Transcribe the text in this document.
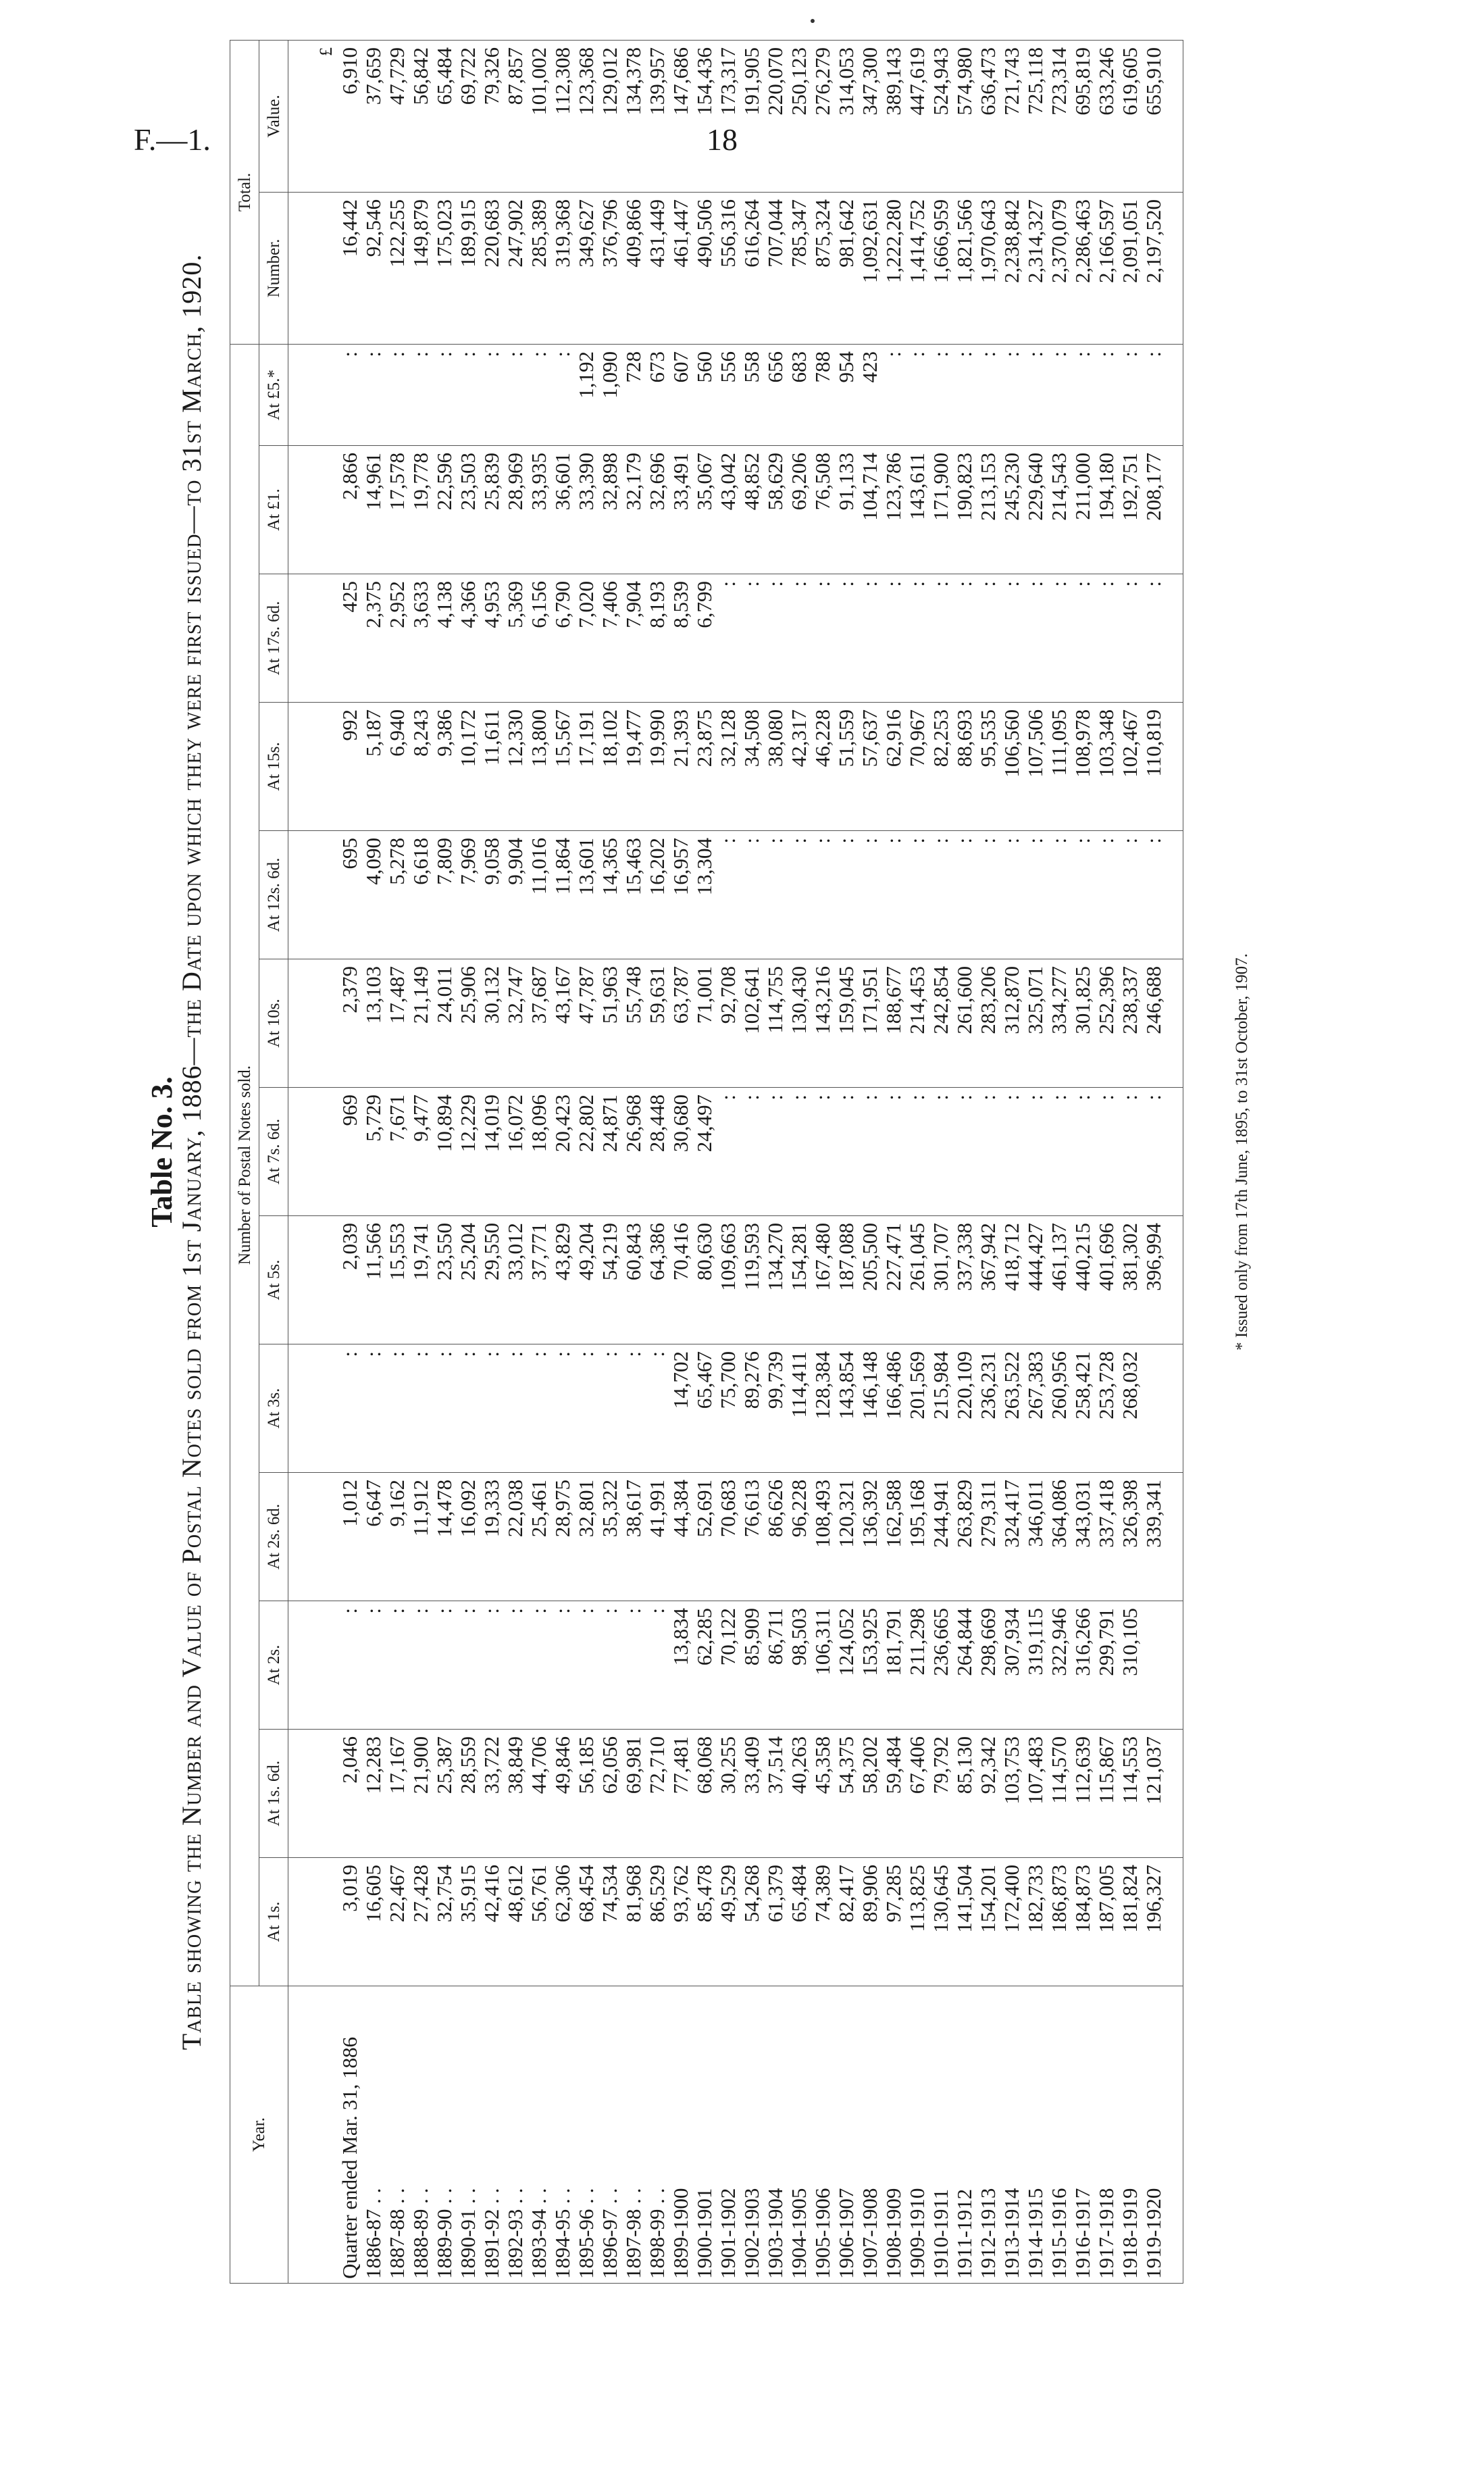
F.—1.	18
Table No. 3.
Table showing the Number and Value of Postal Notes sold from 1st January, 1886—the Date upon which they were first issued—to 31st March, 1920.
Year.	Number of Postal Notes sold.													Total.	
	At 1s.	At 1s. 6d.	At 2s.	At 2s. 6d.	At 3s.	At 5s.	At 7s. 6d.	At 10s.	At 12s. 6d.	At 15s.	At 17s. 6d.	At £1.	At £5.*	Number.	Value.
															£
Quarter ended Mar. 31, 1886	3,019	2,046	:	1,012	:	2,039	969	2,379	695	992	425	2,866	:	16,442	6,910
1886-87 . .	16,605	12,283	:	6,647	:	11,566	5,729	13,103	4,090	5,187	2,375	14,961	:	92,546	37,659
1887-88 . .	22,467	17,167	:	9,162	:	15,553	7,671	17,487	5,278	6,940	2,952	17,578	:	122,255	47,729
1888-89 . .	27,428	21,900	:	11,912	:	19,741	9,477	21,149	6,618	8,243	3,633	19,778	:	149,879	56,842
1889-90 . .	32,754	25,387	:	14,478	:	23,550	10,894	24,011	7,809	9,386	4,138	22,596	:	175,023	65,484
1890-91 . .	35,915	28,559	:	16,092	:	25,204	12,229	25,906	7,969	10,172	4,366	23,503	:	189,915	69,722
1891-92 . .	42,416	33,722	:	19,333	:	29,550	14,019	30,132	9,058	11,611	4,953	25,839	:	220,683	79,326
1892-93 . .	48,612	38,849	:	22,038	:	33,012	16,072	32,747	9,904	12,330	5,369	28,969	:	247,902	87,857
1893-94 . .	56,761	44,706	:	25,461	:	37,771	18,096	37,687	11,016	13,800	6,156	33,935	:	285,389	101,002
1894-95 . .	62,306	49,846	:	28,975	:	43,829	20,423	43,167	11,864	15,567	6,790	36,601	:	319,368	112,308
1895-96 . .	68,454	56,185	:	32,801	:	49,204	22,802	47,787	13,601	17,191	7,020	33,390	1,192	349,627	123,368
1896-97 . .	74,534	62,056	:	35,322	:	54,219	24,871	51,963	14,365	18,102	7,406	32,898	1,090	376,796	129,012
1897-98 . .	81,968	69,981	:	38,617	:	60,843	26,968	55,748	15,463	19,477	7,904	32,179	728	409,866	134,378
1898-99 . .	86,529	72,710	:	41,991	:	64,386	28,448	59,631	16,202	19,990	8,193	32,696	673	431,449	139,957
1899-1900	93,762	77,481	13,834	44,384	14,702	70,416	30,680	63,787	16,957	21,393	8,539	33,491	607	461,447	147,686
1900-1901	85,478	68,068	62,285	52,691	65,467	80,630	24,497	71,001	13,304	23,875	6,799	35,067	560	490,506	154,436
1901-1902	49,529	30,255	70,122	70,683	75,700	109,663	:	92,708	:	32,128	:	43,042	556	556,316	173,317
1902-1903	54,268	33,409	85,909	76,613	89,276	119,593	:	102,641	:	34,508	:	48,852	558	616,264	191,905
1903-1904	61,379	37,514	86,711	86,626	99,739	134,270	:	114,755	:	38,080	:	58,629	656	707,044	220,070
1904-1905	65,484	40,263	98,503	96,228	114,411	154,281	:	130,430	:	42,317	:	69,206	683	785,347	250,123
1905-1906	74,389	45,358	106,311	108,493	128,384	167,480	:	143,216	:	46,228	:	76,508	788	875,324	276,279
1906-1907	82,417	54,375	124,052	120,321	143,854	187,088	:	159,045	:	51,559	:	91,133	954	981,642	314,053
1907-1908	89,906	58,202	153,925	136,392	146,148	205,500	:	171,951	:	57,637	:	104,714	423	1,092,631	347,300
1908-1909	97,285	59,484	181,791	162,588	166,486	227,471	:	188,677	:	62,916	:	123,786	:	1,222,280	389,143
1909-1910	113,825	67,406	211,298	195,168	201,569	261,045	:	214,453	:	70,967	:	143,611	:	1,414,752	447,619
1910-1911	130,645	79,792	236,665	244,941	215,984	301,707	:	242,854	:	82,253	:	171,900	:	1,666,959	524,943
1911-1912	141,504	85,130	264,844	263,829	220,109	337,338	:	261,600	:	88,693	:	190,823	:	1,821,566	574,980
1912-1913	154,201	92,342	298,669	279,311	236,231	367,942	:	283,206	:	95,535	:	213,153	:	1,970,643	636,473
1913-1914	172,400	103,753	307,934	324,417	263,522	418,712	:	312,870	:	106,560	:	245,230	:	2,238,842	721,743
1914-1915	182,733	107,483	319,115	346,011	267,383	444,427	:	325,071	:	107,506	:	229,640	:	2,314,327	725,118
1915-1916	186,873	114,570	322,946	364,086	260,956	461,137	:	334,277	:	111,095	:	214,543	:	2,370,079	723,314
1916-1917	184,873	112,639	316,266	343,031	258,421	440,215	:	301,825	:	108,978	:	211,000	:	2,286,463	695,819
1917-1918	187,005	115,867	299,791	337,418	253,728	401,696	:	252,396	:	103,348	:	194,180	:	2,166,597	633,246
1918-1919	181,824	114,553	310,105	326,398	268,032	381,302	:	238,337	:	102,467	:	192,751	:	2,091,051	619,605
1919-1920	196,327	121,037		339,341		396,994	:	246,688	:	110,819	:	208,177	:	2,197,520	655,910
* Issued only from 17th June, 1895, to 31st October, 1907.
